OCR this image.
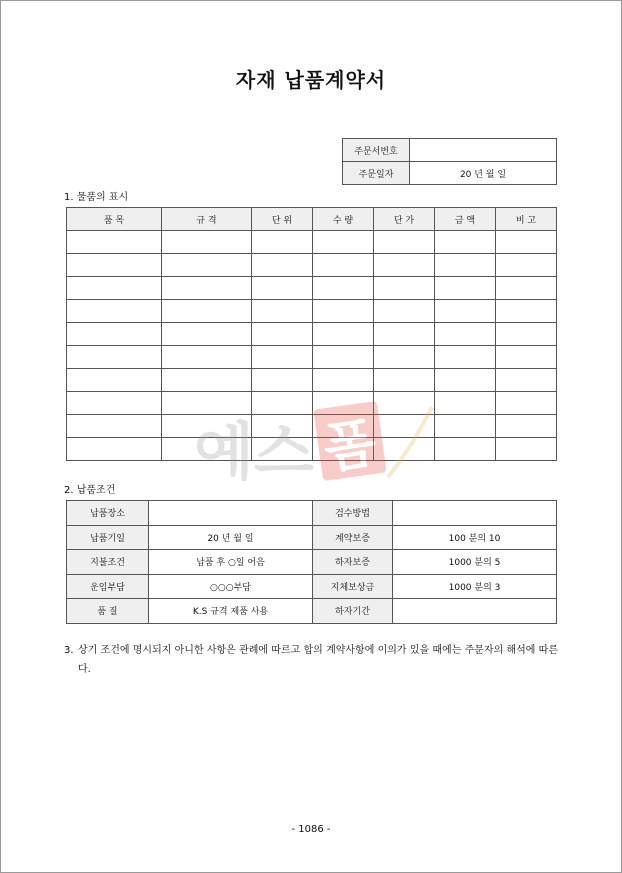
자재 납품계약서
주문서번호	
주문일자	20 년 월 일
1. 물품의 표시
품 목	규 격	단 위	수 량	단 가	금 액	비 고

예스 폼
2. 납품조건
납품장소		검수방법	
납품기일	20 년 월 일	계약보증	100 분의 10
지불조건	납품 후 ○일 어음	하자보증	1000 분의 5
운임부담	○○○부담	지체보상금	1000 분의 3
품 질	K.S 규격 제품 사용	하자기간	
3. 상기 조건에 명시되지 아니한 사항은 관례에 따르고 합의 계약사항에 이의가 있을 때에는 주문자의 해석에 따른다.
- 1086 -
